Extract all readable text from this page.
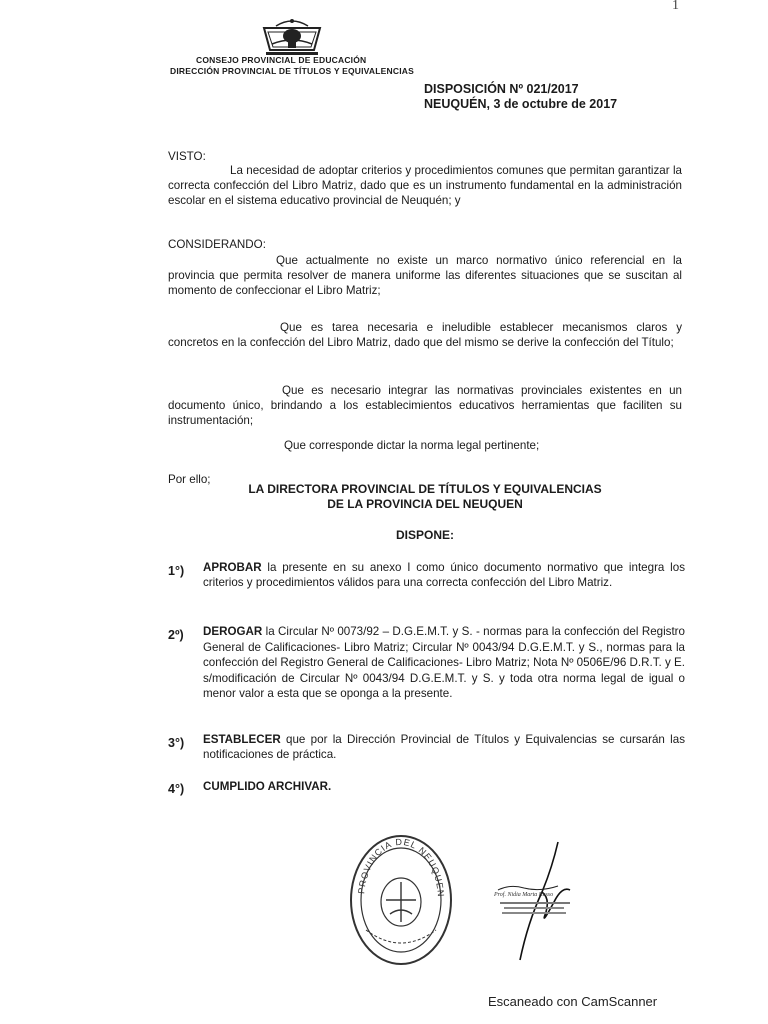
1
CONSEJO PROVINCIAL DE EDUCACIÓN
DIRECCIÓN PROVINCIAL DE TÍTULOS Y EQUIVALENCIAS
DISPOSICIÓN Nº 021/2017
NEUQUÉN, 3 de octubre de 2017
VISTO:

La necesidad de adoptar criterios y procedimientos comunes que permitan garantizar la correcta confección del Libro Matriz, dado que es un instrumento fundamental en la administración escolar en el sistema educativo provincial de Neuquén; y

CONSIDERANDO:

Que actualmente no existe un marco normativo único referencial en la provincia que permita resolver de manera uniforme las diferentes situaciones que se suscitan al momento de confeccionar el Libro Matriz;

Que es tarea necesaria e ineludible establecer mecanismos claros y concretos en la confección del Libro Matriz, dado que del mismo se derive la confección del Título;

Que es necesario integrar las normativas provinciales existentes en un documento único, brindando a los establecimientos educativos herramientas que faciliten su instrumentación;

Que corresponde dictar la norma legal pertinente;

Por ello;
LA DIRECTORA PROVINCIAL DE TÍTULOS Y EQUIVALENCIAS
DE LA PROVINCIA DEL NEUQUEN
DISPONE:
1°) APROBAR la presente en su anexo I como único documento normativo que integra los criterios y procedimientos válidos para una correcta confección del Libro Matriz.

2º) DEROGAR la Circular Nº 0073/92 – D.G.E.M.T. y S. - normas para la confección del Registro General de Calificaciones- Libro Matriz; Circular Nº 0043/94 D.G.E.M.T. y S., normas para la confección del Registro General de Calificaciones- Libro Matriz; Nota Nº 0506E/96 D.R.T. y E. s/modificación de Circular Nº 0043/94 D.G.E.M.T. y S. y toda otra norma legal de igual o menor valor a esta que se oponga a la presente.

3°) ESTABLECER que por la Dirección Provincial de Títulos y Equivalencias se cursarán las notificaciones de práctica.

4°) CUMPLIDO ARCHIVAR.

PROVINCIA DEL NEUQUEN	Prof. Nidia Marta Russo
Escaneado con CamScanner
